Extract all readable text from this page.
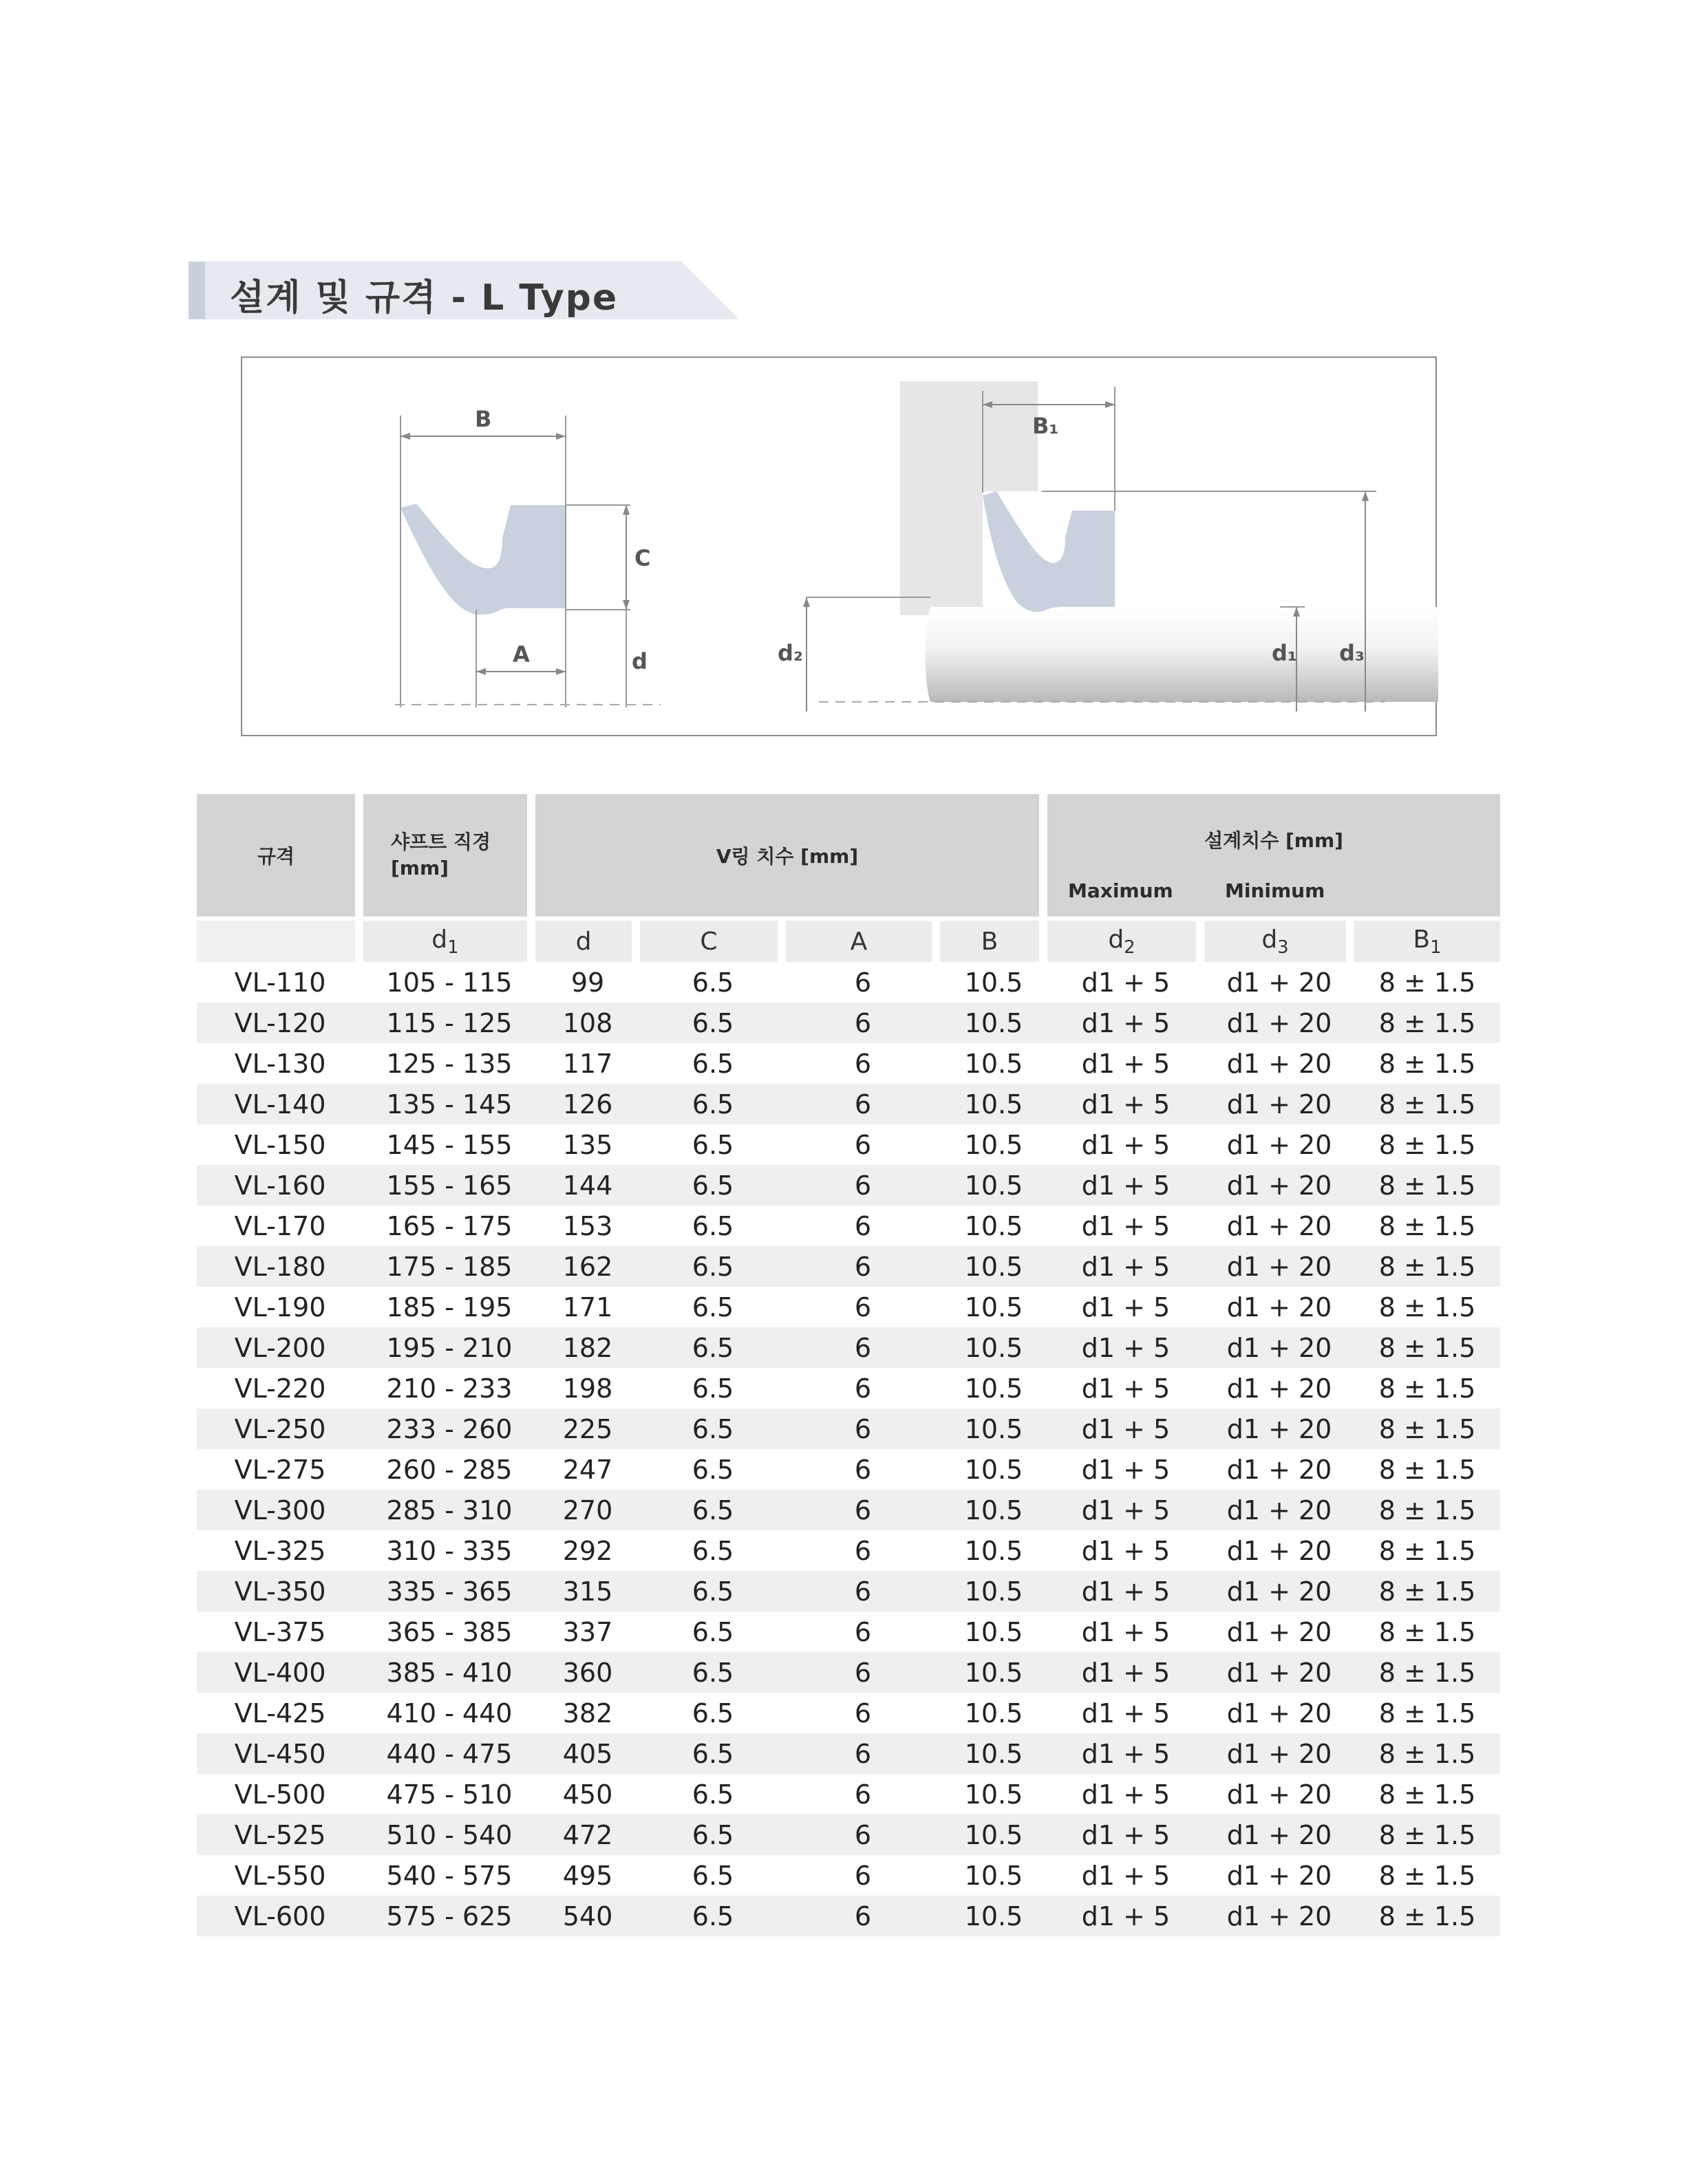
설계 및 규격 - L Type
B
C
A	d
B₁
d₃
d₁
d₂
규격	샤프트 직경
[mm]	V링 치수 [mm]				설계치수 [mm]
Maximum Minimum		

	$d_1$	d	C	A	B	$d_2$	$d_3$	$B_1$
VL-110	105 - 115	99	6.5	6	10.5	d1 + 5	d1 + 20	8 ± 1.5
VL-120	115 - 125	108	6.5	6	10.5	d1 + 5	d1 + 20	8 ± 1.5
VL-130	125 - 135	117	6.5	6	10.5	d1 + 5	d1 + 20	8 ± 1.5
VL-140	135 - 145	126	6.5	6	10.5	d1 + 5	d1 + 20	8 ± 1.5
VL-150	145 - 155	135	6.5	6	10.5	d1 + 5	d1 + 20	8 ± 1.5
VL-160	155 - 165	144	6.5	6	10.5	d1 + 5	d1 + 20	8 ± 1.5
VL-170	165 - 175	153	6.5	6	10.5	d1 + 5	d1 + 20	8 ± 1.5
VL-180	175 - 185	162	6.5	6	10.5	d1 + 5	d1 + 20	8 ± 1.5
VL-190	185 - 195	171	6.5	6	10.5	d1 + 5	d1 + 20	8 ± 1.5
VL-200	195 - 210	182	6.5	6	10.5	d1 + 5	d1 + 20	8 ± 1.5
VL-220	210 - 233	198	6.5	6	10.5	d1 + 5	d1 + 20	8 ± 1.5
VL-250	233 - 260	225	6.5	6	10.5	d1 + 5	d1 + 20	8 ± 1.5
VL-275	260 - 285	247	6.5	6	10.5	d1 + 5	d1 + 20	8 ± 1.5
VL-300	285 - 310	270	6.5	6	10.5	d1 + 5	d1 + 20	8 ± 1.5
VL-325	310 - 335	292	6.5	6	10.5	d1 + 5	d1 + 20	8 ± 1.5
VL-350	335 - 365	315	6.5	6	10.5	d1 + 5	d1 + 20	8 ± 1.5
VL-375	365 - 385	337	6.5	6	10.5	d1 + 5	d1 + 20	8 ± 1.5
VL-400	385 - 410	360	6.5	6	10.5	d1 + 5	d1 + 20	8 ± 1.5
VL-425	410 - 440	382	6.5	6	10.5	d1 + 5	d1 + 20	8 ± 1.5
VL-450	440 - 475	405	6.5	6	10.5	d1 + 5	d1 + 20	8 ± 1.5
VL-500	475 - 510	450	6.5	6	10.5	d1 + 5	d1 + 20	8 ± 1.5
VL-525	510 - 540	472	6.5	6	10.5	d1 + 5	d1 + 20	8 ± 1.5
VL-550	540 - 575	495	6.5	6	10.5	d1 + 5	d1 + 20	8 ± 1.5
VL-600	575 - 625	540	6.5	6	10.5	d1 + 5	d1 + 20	8 ± 1.5
